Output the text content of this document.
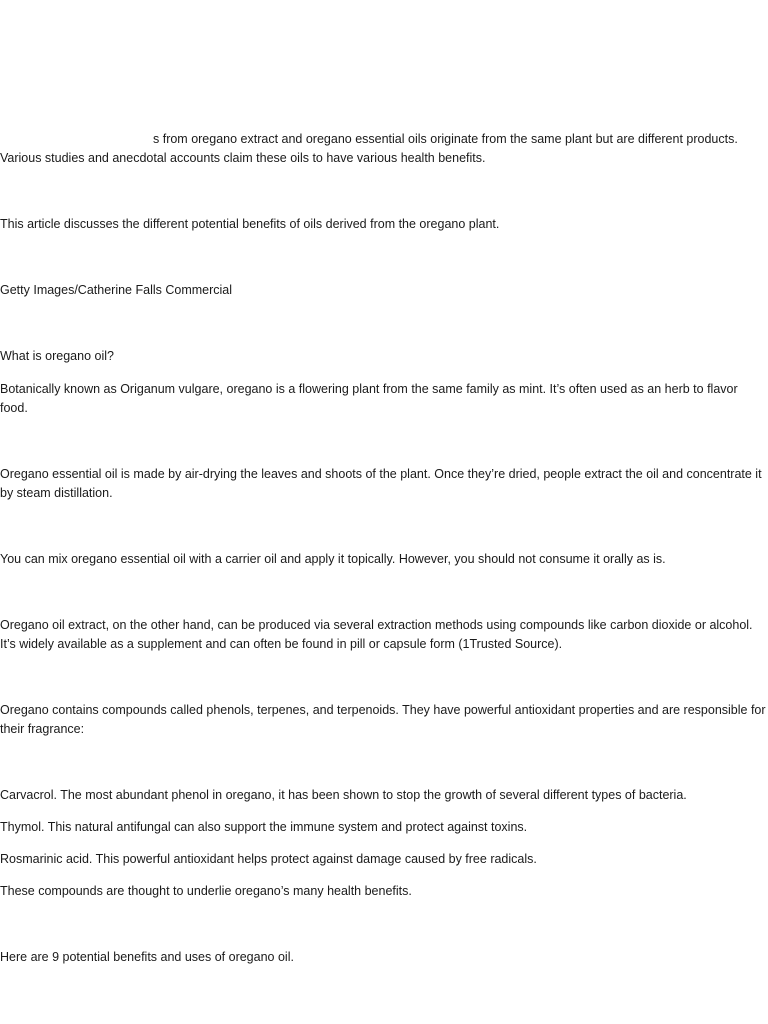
s from oregano extract and oregano essential oils originate from the same plant but are different products. Various studies and anecdotal accounts claim these oils to have various health benefits.

This article discusses the different potential benefits of oils derived from the oregano plant.

Getty Images/Catherine Falls Commercial

What is oregano oil?

Botanically known as Origanum vulgare, oregano is a flowering plant from the same family as mint. It’s often used as an herb to flavor food.

Oregano essential oil is made by air-drying the leaves and shoots of the plant. Once they’re dried, people extract the oil and concentrate it by steam distillation.

You can mix oregano essential oil with a carrier oil and apply it topically. However, you should not consume it orally as is.

Oregano oil extract, on the other hand, can be produced via several extraction methods using compounds like carbon dioxide or alcohol. It’s widely available as a supplement and can often be found in pill or capsule form (1Trusted Source).

Oregano contains compounds called phenols, terpenes, and terpenoids. They have powerful antioxidant properties and are responsible for their fragrance:

Carvacrol. The most abundant phenol in oregano, it has been shown to stop the growth of several different types of bacteria.

Thymol. This natural antifungal can also support the immune system and protect against toxins.

Rosmarinic acid. This powerful antioxidant helps protect against damage caused by free radicals.

These compounds are thought to underlie oregano’s many health benefits.

Here are 9 potential benefits and uses of oregano oil.
